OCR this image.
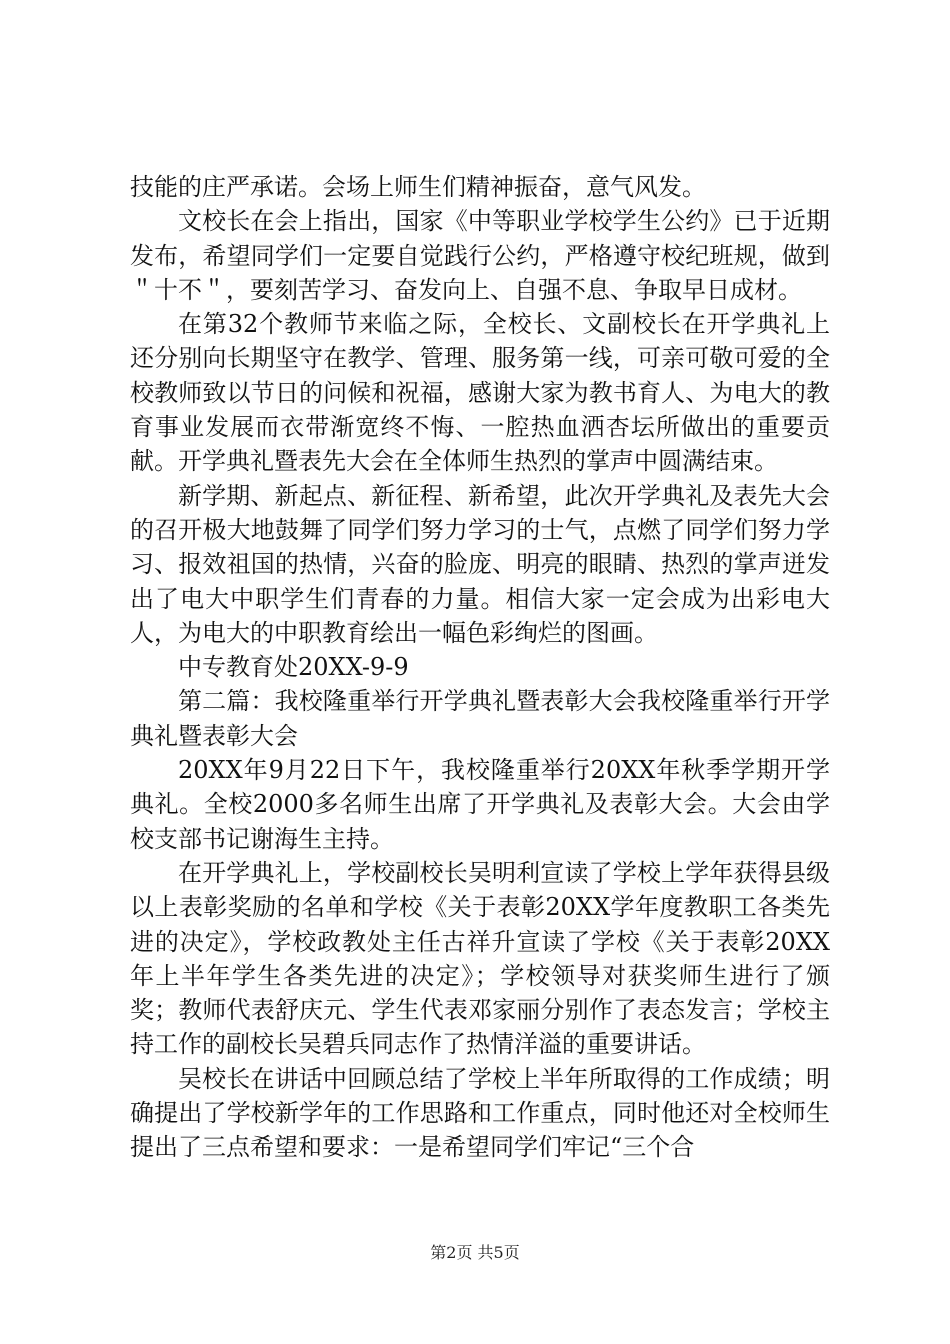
技能的庄严承诺。会场上师生们精神振奋，意气风发。

文校长在会上指出，国家《中等职业学校学生公约》已于近期发布，希望同学们一定要自觉践行公约，严格遵守校纪班规，做到＂十不＂，要刻苦学习、奋发向上、自强不息、争取早日成材。

在第32个教师节来临之际，全校长、文副校长在开学典礼上还分别向长期坚守在教学、管理、服务第一线，可亲可敬可爱的全校教师致以节日的问候和祝福，感谢大家为教书育人、为电大的教育事业发展而衣带渐宽终不悔、一腔热血洒杏坛所做出的重要贡献。开学典礼暨表先大会在全体师生热烈的掌声中圆满结束。

新学期、新起点、新征程、新希望，此次开学典礼及表先大会的召开极大地鼓舞了同学们努力学习的士气，点燃了同学们努力学习、报效祖国的热情，兴奋的脸庞、明亮的眼睛、热烈的掌声迸发出了电大中职学生们青春的力量。相信大家一定会成为出彩电大人，为电大的中职教育绘出一幅色彩绚烂的图画。

中专教育处20XX-9-9

第二篇：我校隆重举行开学典礼暨表彰大会我校隆重举行开学典礼暨表彰大会

20XX年9月22日下午，我校隆重举行20XX年秋季学期开学典礼。全校2000多名师生出席了开学典礼及表彰大会。大会由学校支部书记谢海生主持。

在开学典礼上，学校副校长吴明利宣读了学校上学年获得县级以上表彰奖励的名单和学校《关于表彰20XX学年度教职工各类先进的决定》，学校政教处主任古祥升宣读了学校《关于表彰20XX年上半年学生各类先进的决定》；学校领导对获奖师生进行了颁奖；教师代表舒庆元、学生代表邓家丽分别作了表态发言；学校主持工作的副校长吴碧兵同志作了热情洋溢的重要讲话。

吴校长在讲话中回顾总结了学校上半年所取得的工作成绩；明确提出了学校新学年的工作思路和工作重点，同时他还对全校师生提出了三点希望和要求：一是希望同学们牢记“三个合

第2页 共5页
